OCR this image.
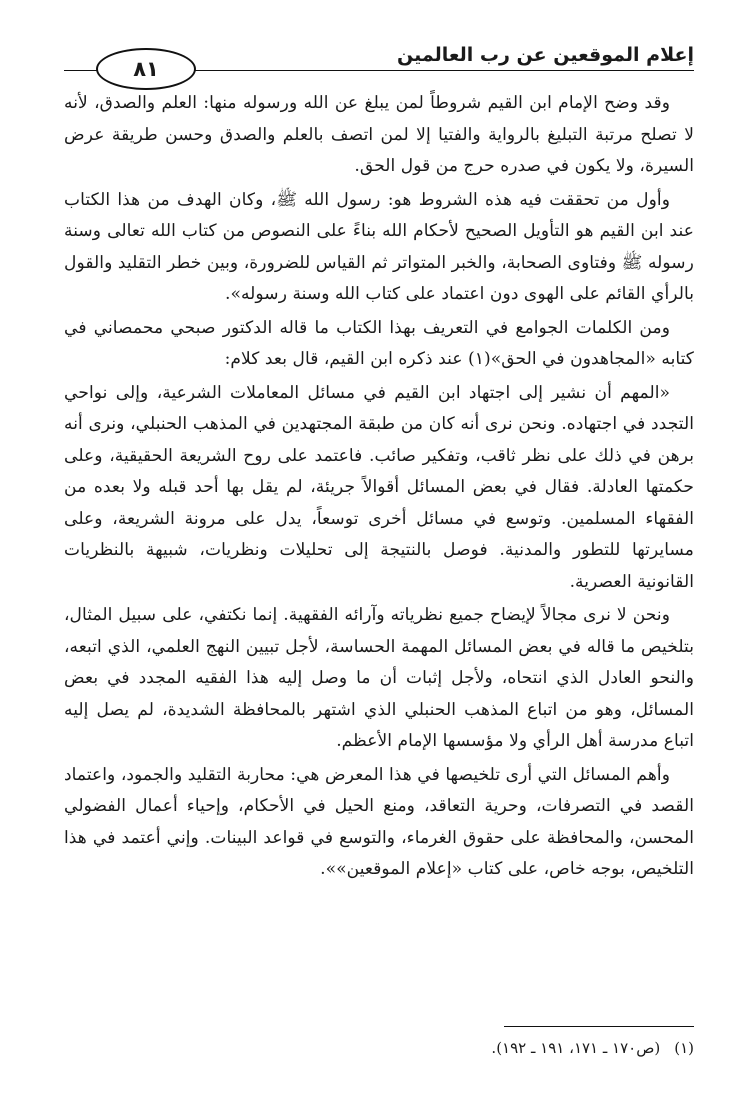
إعلام الموقعين عن رب العالمين
٨١

وقد وضح الإمام ابن القيم شروطاً لمن يبلغ عن الله ورسوله منها: العلم والصدق، لأنه لا تصلح مرتبة التبليغ بالرواية والفتيا إلا لمن اتصف بالعلم والصدق وحسن طريقة عرض السيرة، ولا يكون في صدره حرج من قول الحق.

وأول من تحققت فيه هذه الشروط هو: رسول الله ﷺ، وكان الهدف من هذا الكتاب عند ابن القيم هو التأويل الصحيح لأحكام الله بناءً على النصوص من كتاب الله تعالى وسنة رسوله ﷺ وفتاوى الصحابة، والخبر المتواتر ثم القياس للضرورة، وبين خطر التقليد والقول بالرأي القائم على الهوى دون اعتماد على كتاب الله وسنة رسوله».

ومن الكلمات الجوامع في التعريف بهذا الكتاب ما قاله الدكتور صبحي محمصاني في كتابه «المجاهدون في الحق»(١) عند ذكره ابن القيم، قال بعد كلام:

«المهم أن نشير إلى اجتهاد ابن القيم في مسائل المعاملات الشرعية، وإلى نواحي التجدد في اجتهاده. ونحن نرى أنه كان من طبقة المجتهدين في المذهب الحنبلي، ونرى أنه برهن في ذلك على نظر ثاقب، وتفكير صائب. فاعتمد على روح الشريعة الحقيقية، وعلى حكمتها العادلة. فقال في بعض المسائل أقوالاً جريئة، لم يقل بها أحد قبله ولا بعده من الفقهاء المسلمين. وتوسع في مسائل أخرى توسعاً، يدل على مرونة الشريعة، وعلى مسايرتها للتطور والمدنية. فوصل بالنتيجة إلى تحليلات ونظريات، شبيهة بالنظريات القانونية العصرية.

ونحن لا نرى مجالاً لإيضاح جميع نظرياته وآرائه الفقهية. إنما نكتفي، على سبيل المثال، بتلخيص ما قاله في بعض المسائل المهمة الحساسة، لأجل تبيين النهج العلمي، الذي اتبعه، والنحو العادل الذي انتحاه، ولأجل إثبات أن ما وصل إليه هذا الفقيه المجدد في بعض المسائل، وهو من اتباع المذهب الحنبلي الذي اشتهر بالمحافظة الشديدة، لم يصل إليه اتباع مدرسة أهل الرأي ولا مؤسسها الإمام الأعظم.

وأهم المسائل التي أرى تلخيصها في هذا المعرض هي: محاربة التقليد والجمود، واعتماد القصد في التصرفات، وحرية التعاقد، ومنع الحيل في الأحكام، وإحياء أعمال الفضولي المحسن، والمحافظة على حقوق الغرماء، والتوسع في قواعد البينات. وإني أعتمد في هذا التلخيص، بوجه خاص، على كتاب «إعلام الموقعين»».

(١)(ص١٧٠ ـ ١٧١، ١٩١ ـ ١٩٢).
